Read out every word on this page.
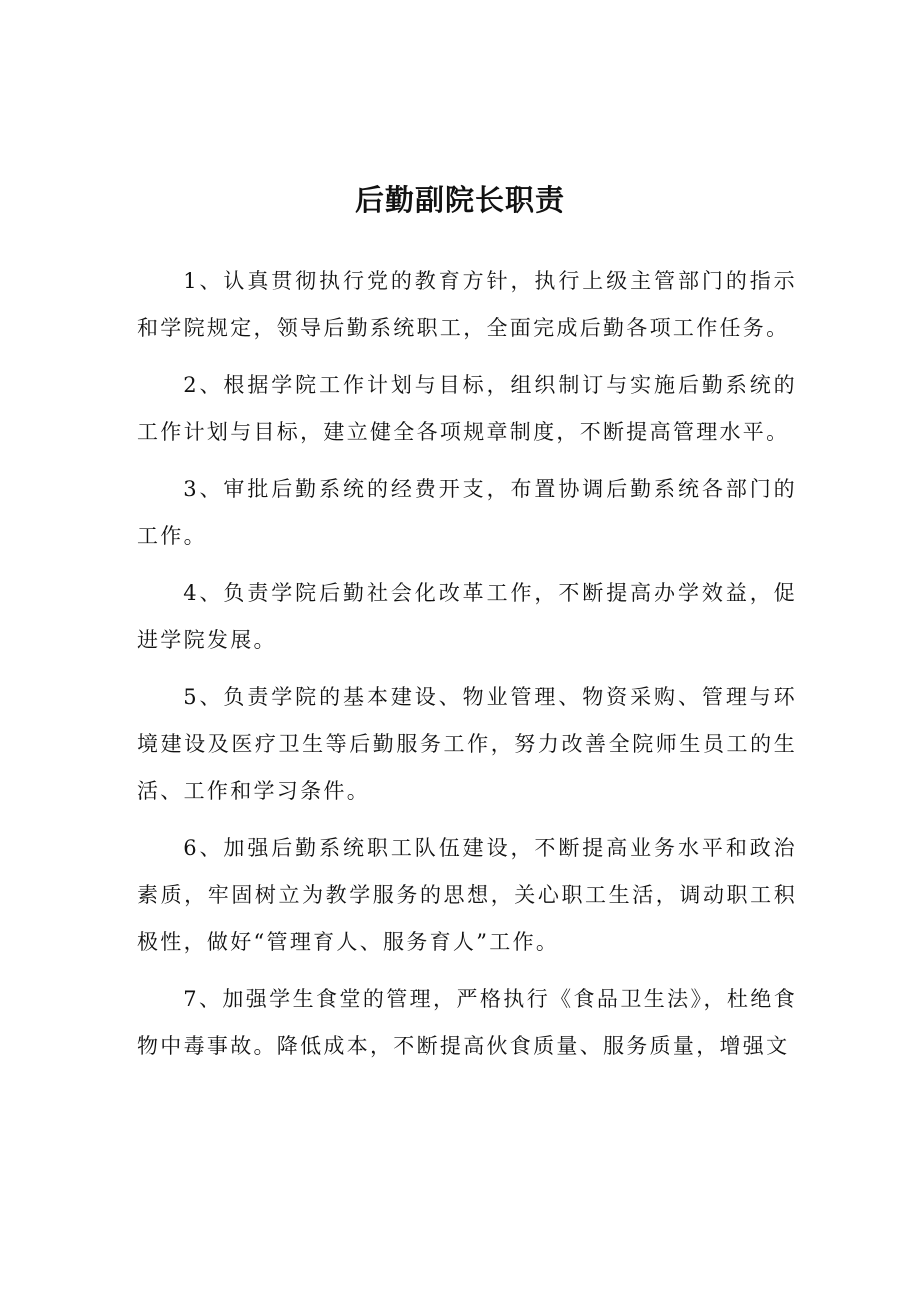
后勤副院长职责

1、认真贯彻执行党的教育方针，执行上级主管部门的指示和学院规定，领导后勤系统职工，全面完成后勤各项工作任务。

2、根据学院工作计划与目标，组织制订与实施后勤系统的工作计划与目标，建立健全各项规章制度，不断提高管理水平。

3、审批后勤系统的经费开支，布置协调后勤系统各部门的工作。

4、负责学院后勤社会化改革工作，不断提高办学效益，促进学院发展。

5、负责学院的基本建设、物业管理、物资采购、管理与环境建设及医疗卫生等后勤服务工作，努力改善全院师生员工的生活、工作和学习条件。

6、加强后勤系统职工队伍建设，不断提高业务水平和政治素质，牢固树立为教学服务的思想，关心职工生活，调动职工积极性，做好“管理育人、服务育人”工作。

7、加强学生食堂的管理，严格执行《食品卫生法》，杜绝食物中毒事故。降低成本，不断提高伙食质量、服务质量，增强文
